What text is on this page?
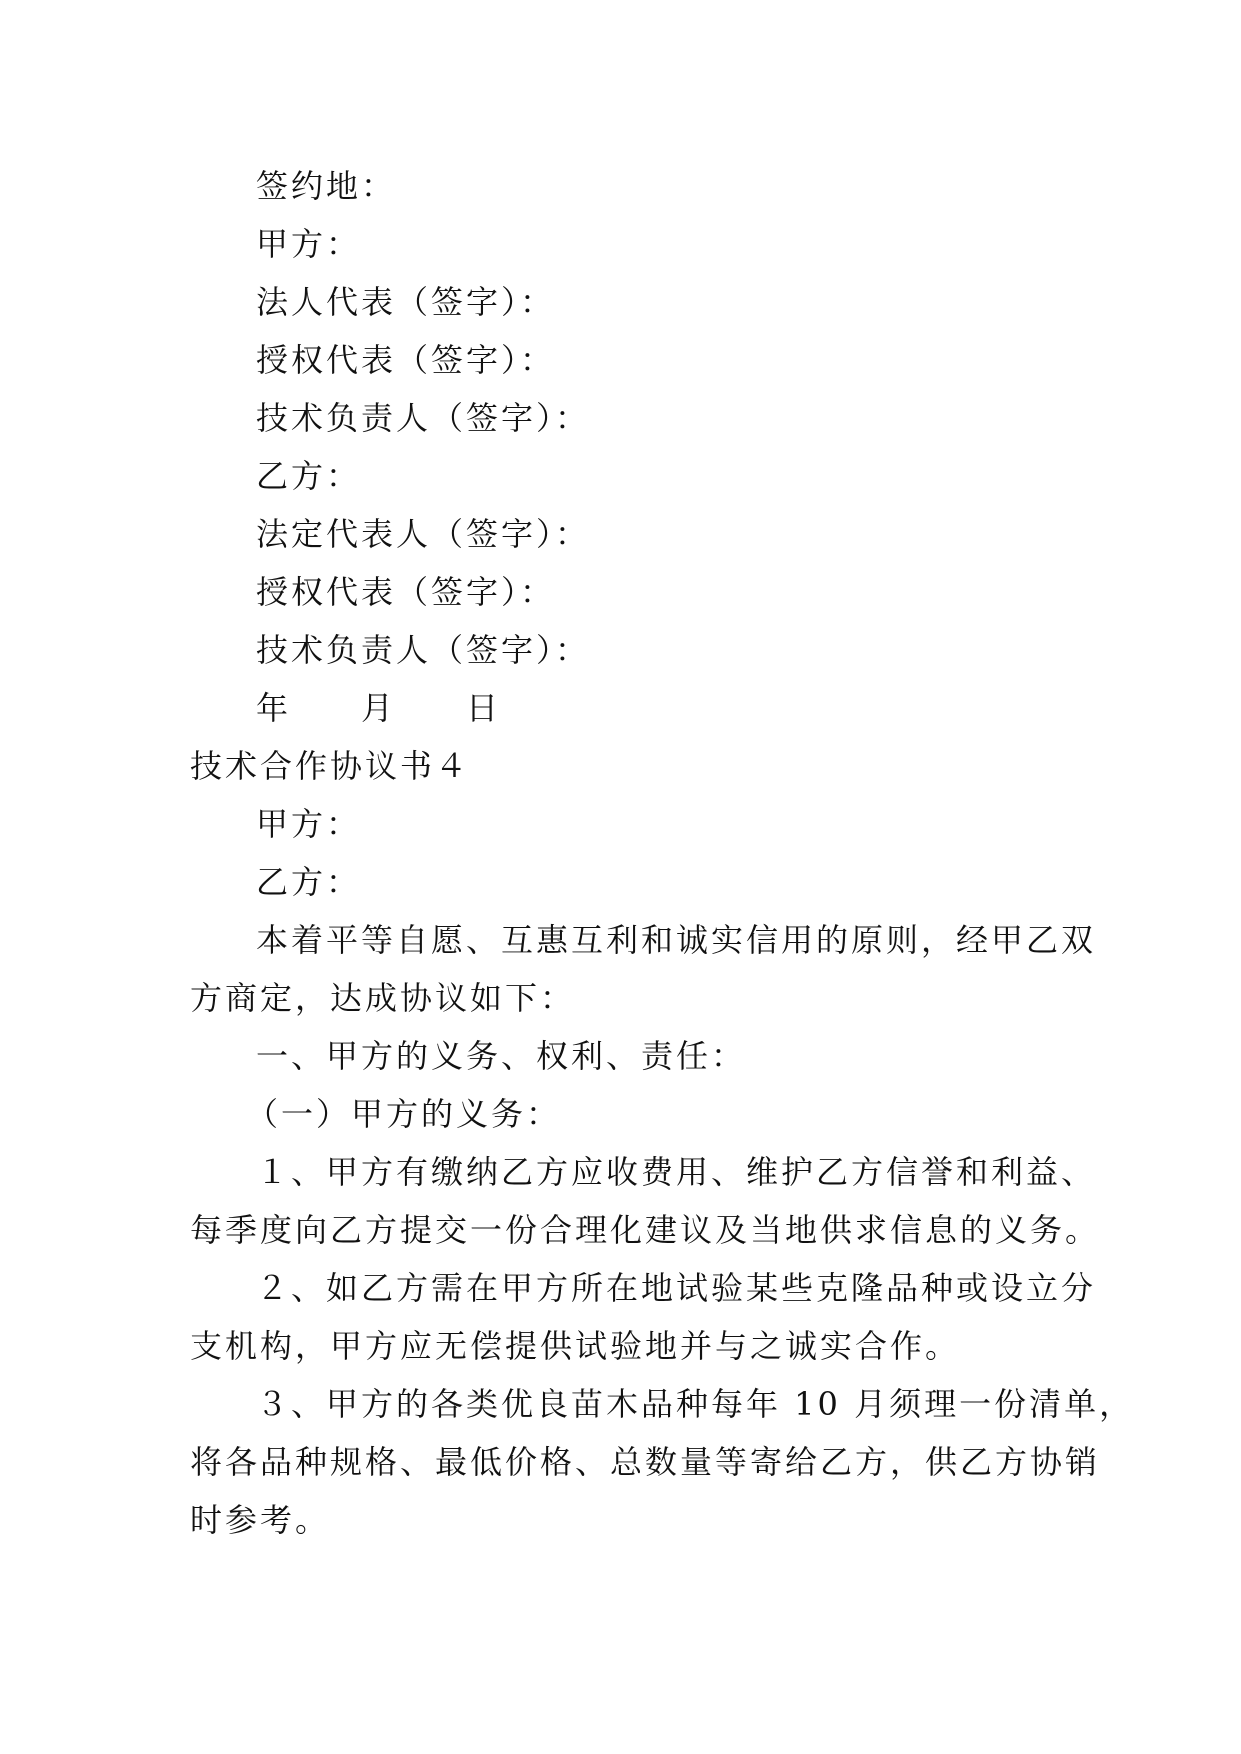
签约地：
甲方：
法人代表（签字）：
授权代表（签字）：
技术负责人（签字）：
乙方：
法定代表人（签字）：
授权代表（签字）：
技术负责人（签字）：
年　　月　　日
技术合作协议书４
甲方：
乙方：
本着平等自愿、互惠互利和诚实信用的原则，经甲乙双
方商定，达成协议如下：
一、甲方的义务、权利、责任：
（一）甲方的义务：
１、甲方有缴纳乙方应收费用、维护乙方信誉和利益、
每季度向乙方提交一份合理化建议及当地供求信息的义务。
２、如乙方需在甲方所在地试验某些克隆品种或设立分
支机构，甲方应无偿提供试验地并与之诚实合作。
３、甲方的各类优良苗木品种每年 10 月须理一份清单，
将各品种规格、最低价格、总数量等寄给乙方，供乙方协销
时参考。
